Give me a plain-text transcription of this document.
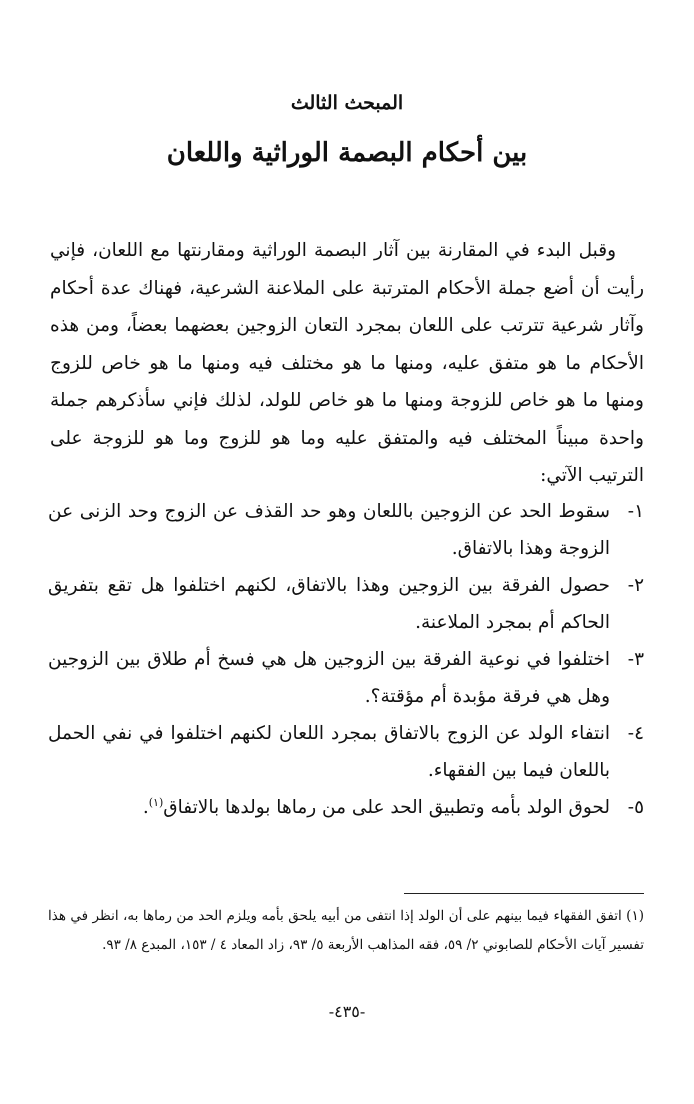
المبحث الثالث
بين أحكام البصمة الوراثية واللعان

وقبل البدء في المقارنة بين آثار البصمة الوراثية ومقارنتها مع اللعان، فإني رأيت أن أضع جملة الأحكام المترتبة على الملاعنة الشرعية، فهناك عدة أحكام وآثار شرعية تترتب على اللعان بمجرد التعان الزوجين بعضهما بعضاً، ومن هذه الأحكام ما هو متفق عليه، ومنها ما هو مختلف فيه ومنها ما هو خاص للزوج ومنها ما هو خاص للزوجة ومنها ما هو خاص للولد، لذلك فإني سأذكرهم جملة واحدة مبيناً المختلف فيه والمتفق عليه وما هو للزوج وما هو للزوجة على الترتيب الآتي:

١-
سقوط الحد عن الزوجين باللعان وهو حد القذف عن الزوج وحد الزنى عن الزوجة وهذا بالاتفاق.
٢-
حصول الفرقة بين الزوجين وهذا بالاتفاق، لكنهم اختلفوا هل تقع بتفريق الحاكم أم بمجرد الملاعنة.
٣-
اختلفوا في نوعية الفرقة بين الزوجين هل هي فسخ أم طلاق بين الزوجين وهل هي فرقة مؤبدة أم مؤقتة؟.
٤-
انتفاء الولد عن الزوج بالاتفاق بمجرد اللعان لكنهم اختلفوا في نفي الحمل باللعان فيما بين الفقهاء.
٥-
لحوق الولد بأمه وتطبيق الحد على من رماها بولدها بالاتفاق$^{(١)}$.

(١) اتفق الفقهاء فيما بينهم على أن الولد إذا انتفى من أبيه يلحق بأمه ويلزم الحد من رماها به، انظر في هذا تفسير آيات الأحكام للصابوني ٢/ ٥٩، فقه المذاهب الأربعة ٥/ ٩٣، زاد المعاد ٤ / ١٥٣، المبدع ٨/ ٩٣.

-٤٣٥-
